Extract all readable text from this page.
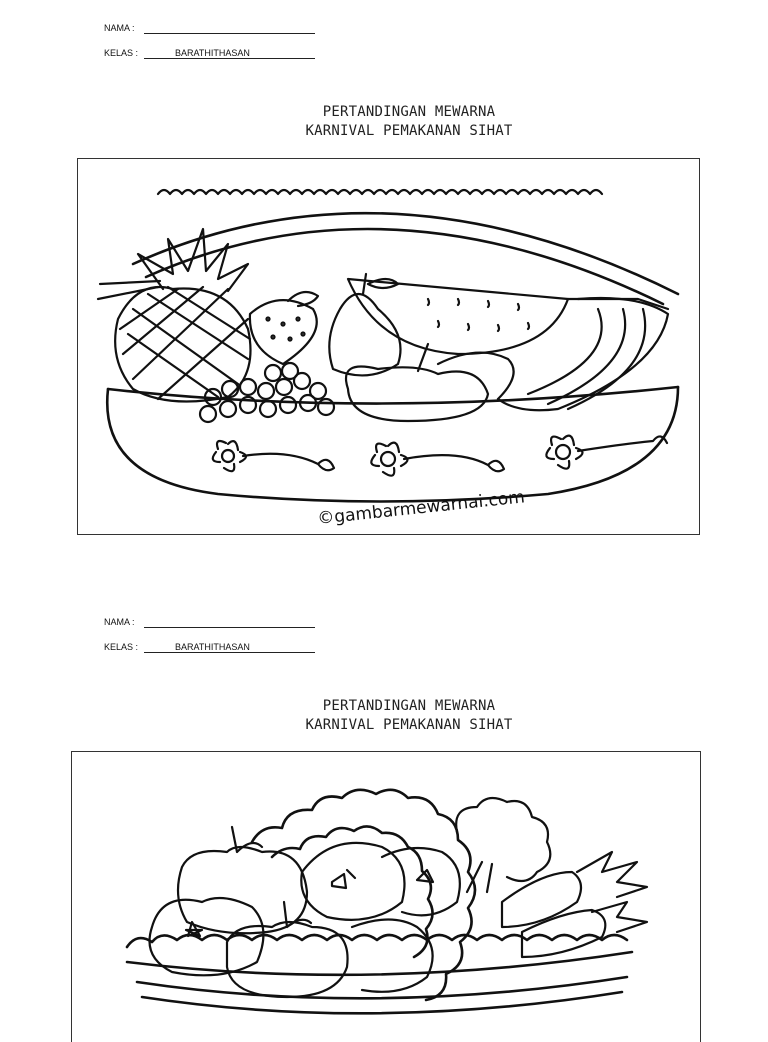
NAMA :
KELAS :	BARATHITHASAN
PERTANDINGAN MEWARNA
KARNIVAL PEMAKANAN SIHAT
©gambarmewarnai.com
NAMA :
KELAS :	BARATHITHASAN
PERTANDINGAN MEWARNA
KARNIVAL PEMAKANAN SIHAT
